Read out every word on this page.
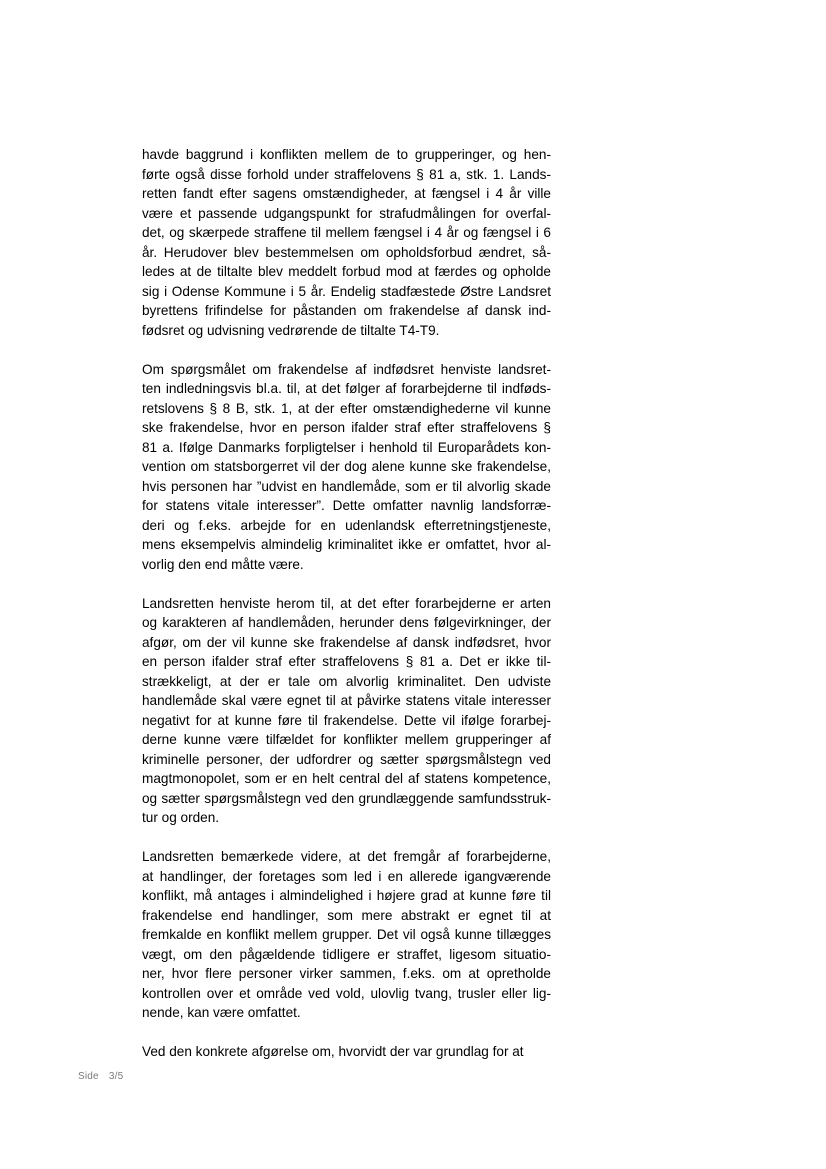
havde baggrund i konflikten mellem de to grupperinger, og hen-
førte også disse forhold under straffelovens § 81 a, stk. 1. Lands-
retten fandt efter sagens omstændigheder, at fængsel i 4 år ville
være et passende udgangspunkt for strafudmålingen for overfal-
det, og skærpede straffene til mellem fængsel i 4 år og fængsel i 6
år. Herudover blev bestemmelsen om opholdsforbud ændret, så-
ledes at de tiltalte blev meddelt forbud mod at færdes og opholde
sig i Odense Kommune i 5 år. Endelig stadfæstede Østre Landsret
byrettens frifindelse for påstanden om frakendelse af dansk ind-
fødsret og udvisning vedrørende de tiltalte T4-T9.

Om spørgsmålet om frakendelse af indfødsret henviste landsret-
ten indledningsvis bl.a. til, at det følger af forarbejderne til indføds-
retslovens § 8 B, stk. 1, at der efter omstændighederne vil kunne
ske frakendelse, hvor en person ifalder straf efter straffelovens §
81 a. Ifølge Danmarks forpligtelser i henhold til Europarådets kon-
vention om statsborgerret vil der dog alene kunne ske frakendelse,
hvis personen har ”udvist en handlemåde, som er til alvorlig skade
for statens vitale interesser”. Dette omfatter navnlig landsforræ-
deri og f.eks. arbejde for en udenlandsk efterretningstjeneste,
mens eksempelvis almindelig kriminalitet ikke er omfattet, hvor al-
vorlig den end måtte være.

Landsretten henviste herom til, at det efter forarbejderne er arten
og karakteren af handlemåden, herunder dens følgevirkninger, der
afgør, om der vil kunne ske frakendelse af dansk indfødsret, hvor
en person ifalder straf efter straffelovens § 81 a. Det er ikke til-
strækkeligt, at der er tale om alvorlig kriminalitet. Den udviste
handlemåde skal være egnet til at påvirke statens vitale interesser
negativt for at kunne føre til frakendelse. Dette vil ifølge forarbej-
derne kunne være tilfældet for konflikter mellem grupperinger af
kriminelle personer, der udfordrer og sætter spørgsmålstegn ved
magtmonopolet, som er en helt central del af statens kompetence,
og sætter spørgsmålstegn ved den grundlæggende samfundsstruk-
tur og orden.

Landsretten bemærkede videre, at det fremgår af forarbejderne,
at handlinger, der foretages som led i en allerede igangværende
konflikt, må antages i almindelighed i højere grad at kunne føre til
frakendelse end handlinger, som mere abstrakt er egnet til at
fremkalde en konflikt mellem grupper. Det vil også kunne tillægges
vægt, om den pågældende tidligere er straffet, ligesom situatio-
ner, hvor flere personer virker sammen, f.eks. om at opretholde
kontrollen over et område ved vold, ulovlig tvang, trusler eller lig-
nende, kan være omfattet.

Ved den konkrete afgørelse om, hvorvidt der var grundlag for at

Side 3/5
